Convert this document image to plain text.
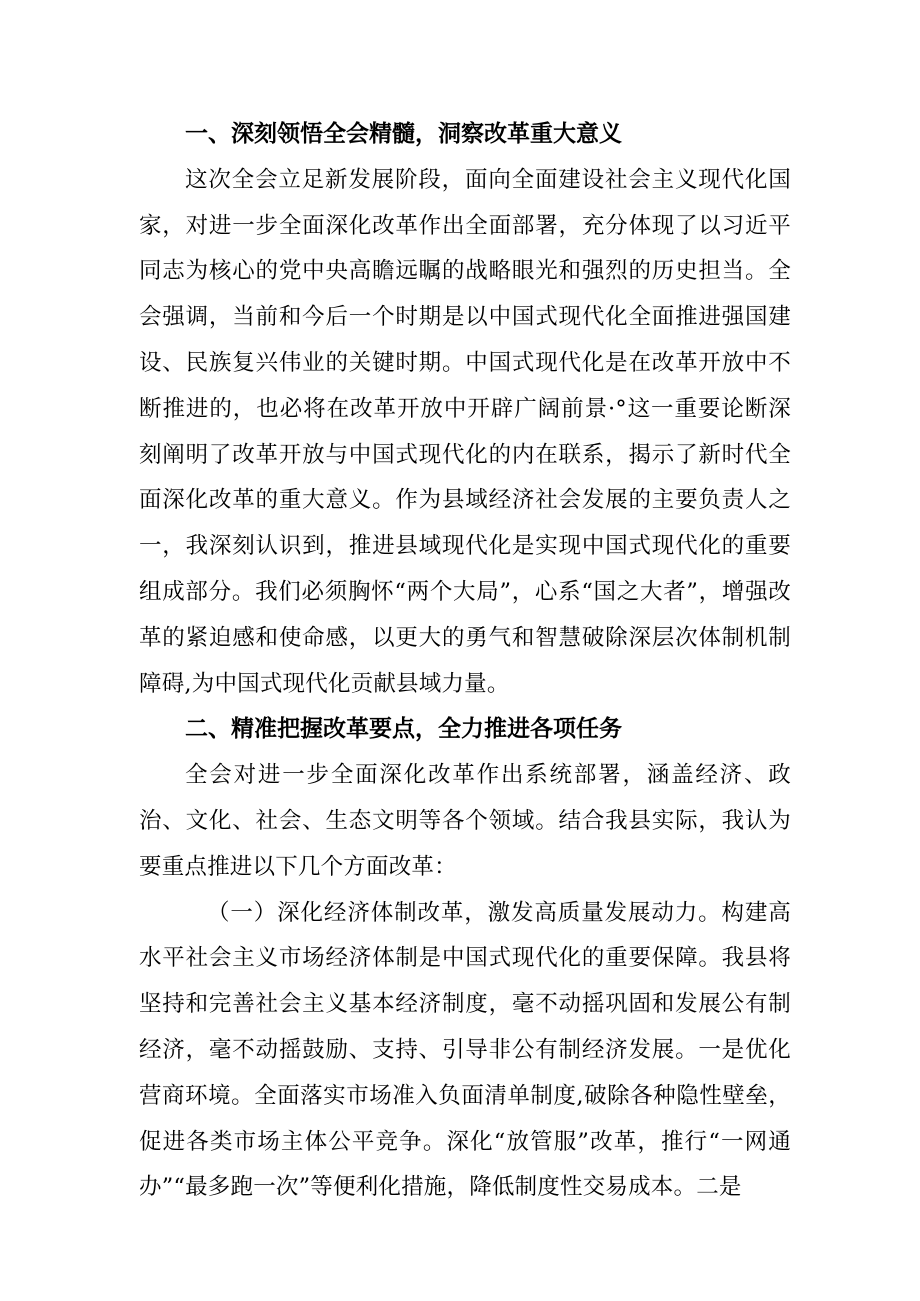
一、深刻领悟全会精髓，洞察改革重大意义

这次全会立足新发展阶段，面向全面建设社会主义现代化国家，对进一步全面深化改革作出全面部署，充分体现了以习近平同志为核心的党中央高瞻远瞩的战略眼光和强烈的历史担当。全会强调，当前和今后一个时期是以中国式现代化全面推进强国建设、民族复兴伟业的关键时期。中国式现代化是在改革开放中不断推进的，也必将在改革开放中开辟广阔前景·°这一重要论断深刻阐明了改革开放与中国式现代化的内在联系，揭示了新时代全面深化改革的重大意义。作为县域经济社会发展的主要负责人之一，我深刻认识到，推进县域现代化是实现中国式现代化的重要组成部分。我们必须胸怀“两个大局”，心系“国之大者”，增强改革的紧迫感和使命感，以更大的勇气和智慧破除深层次体制机制障碍,为中国式现代化贡献县域力量。

二、精准把握改革要点，全力推进各项任务

全会对进一步全面深化改革作出系统部署，涵盖经济、政治、文化、社会、生态文明等各个领域。结合我县实际，我认为要重点推进以下几个方面改革：

（一）深化经济体制改革，激发高质量发展动力。构建高水平社会主义市场经济体制是中国式现代化的重要保障。我县将坚持和完善社会主义基本经济制度，毫不动摇巩固和发展公有制经济，毫不动摇鼓励、支持、引导非公有制经济发展。一是优化营商环境。全面落实市场准入负面清单制度,破除各种隐性壁垒，促进各类市场主体公平竞争。深化“放管服”改革，推行“一网通办”“最多跑一次”等便利化措施，降低制度性交易成本。二是
